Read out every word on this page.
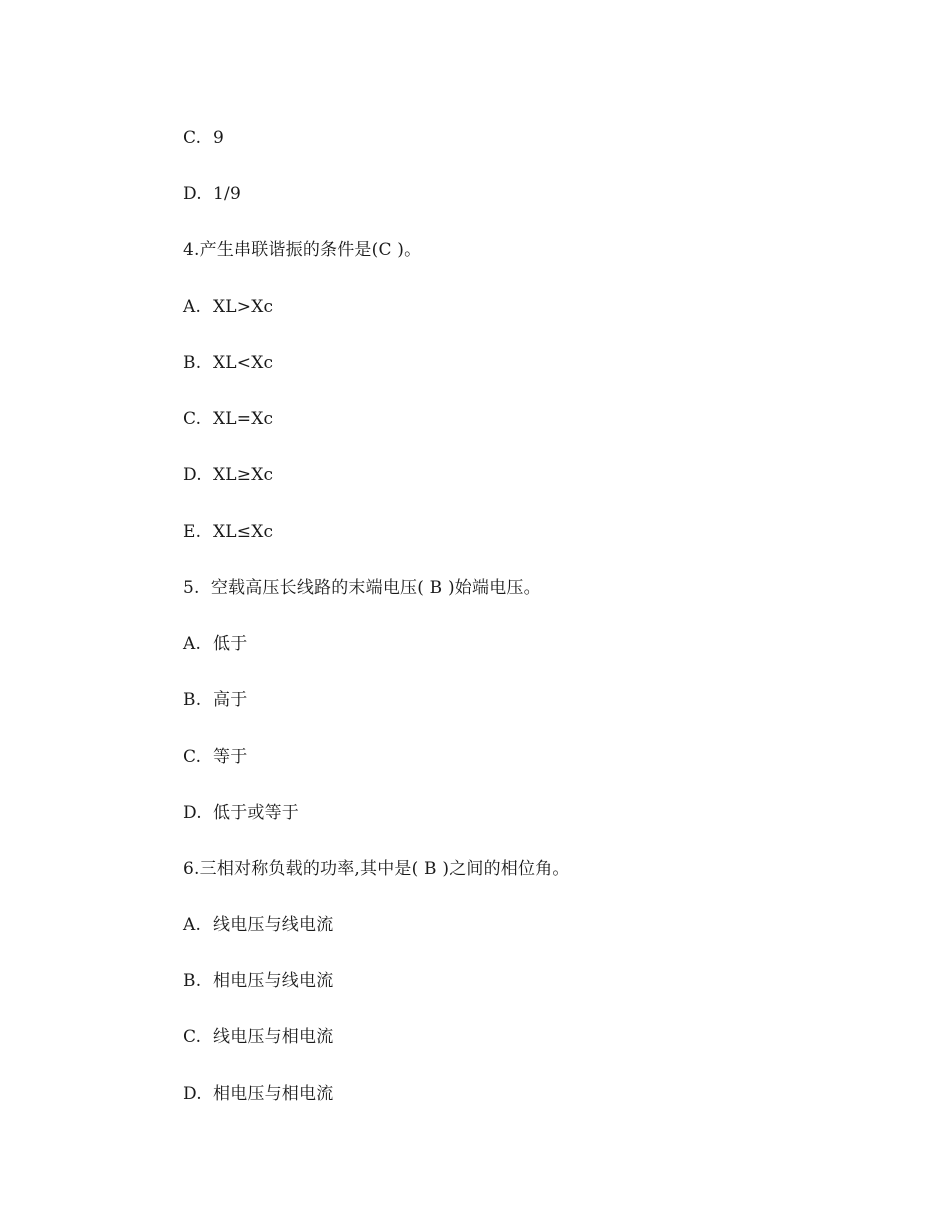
C. 9
D. 1/9
4.产生串联谐振的条件是(C )。
A. XL>Xc
B. XL<Xc
C. XL=Xc
D. XL≥Xc
E. XL≤Xc
5.  空载高压长线路的末端电压( B )始端电压。
A. 低于
B. 高于
C. 等于
D. 低于或等于
6.三相对称负载的功率,其中是( B )之间的相位角。
A. 线电压与线电流
B. 相电压与线电流
C. 线电压与相电流
D. 相电压与相电流
